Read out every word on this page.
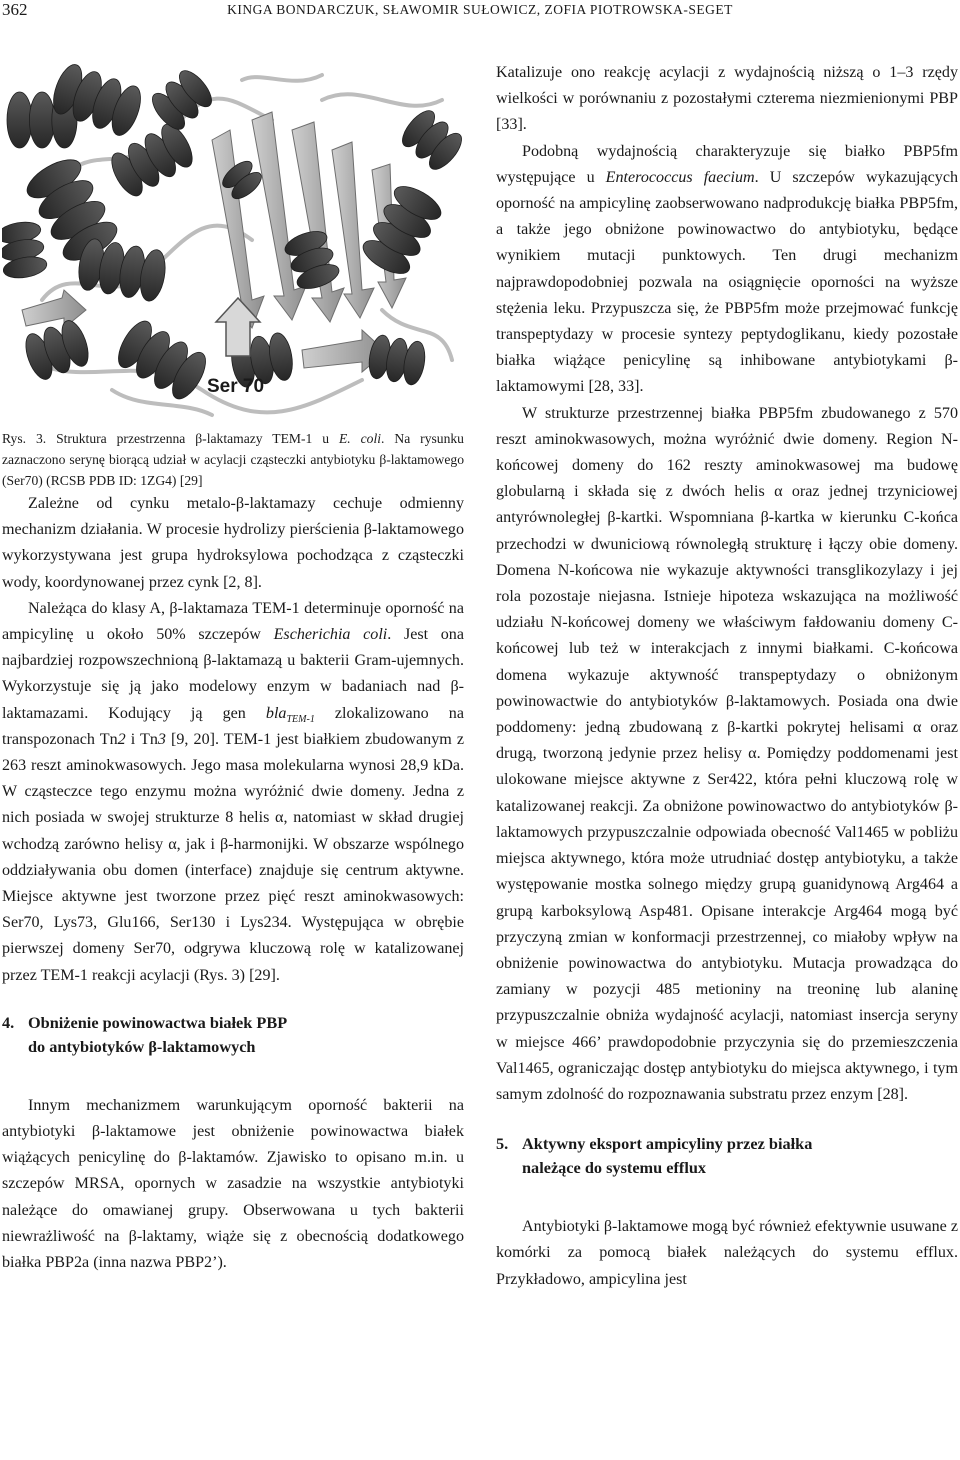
362	KINGA BONDARCZUK, SŁAWOMIR SUŁOWICZ, ZOFIA PIOTROWSKA-SEGET
Ser 70

Rys. 3. Struktura przestrzenna β-laktamazy TEM-1 u E. coli. Na rysunku zaznaczono serynę biorącą udział w acylacji cząsteczki antybiotyku β-laktamowego (Ser70) (RCSB PDB ID: 1ZG4) [29]

Zależne od cynku metalo-β-laktamazy cechuje odmienny mechanizm działania. W procesie hydrolizy pierścienia β-laktamowego wykorzystywana jest grupa hydroksylowa pochodząca z cząsteczki wody, koordynowanej przez cynk [2, 8].

Należąca do klasy A, β-laktamaza TEM-1 determinuje oporność na ampicylinę u około 50% szczepów Escherichia coli. Jest ona najbardziej rozpowszechnioną β-laktamazą u bakterii Gram-ujemnych. Wykorzystuje się ją jako modelowy enzym w badaniach nad β-laktamazami. Kodujący ją gen bla$_{TEM-1}$ zlokalizowano na transpozonach Tn2 i Tn3 [9, 20]. TEM-1 jest białkiem zbudowanym z 263 reszt aminokwasowych. Jego masa molekularna wynosi 28,9 kDa. W cząsteczce tego enzymu można wyróżnić dwie domeny. Jedna z nich posiada w swojej strukturze 8 helis α, natomiast w skład drugiej wchodzą zarówno helisy α, jak i β-harmonijki. W obszarze wspólnego oddziaływania obu domen (interface) znajduje się centrum aktywne. Miejsce aktywne jest tworzone przez pięć reszt aminokwasowych: Ser70, Lys73, Glu166, Ser130 i Lys234. Występująca w obrębie pierwszej domeny Ser70, odgrywa kluczową rolę w katalizowanej przez TEM-1 reakcji acylacji (Rys. 3) [29].

4. Obniżenie powinowactwa białek PBP
do antybiotyków β-laktamowych

Innym mechanizmem warunkującym oporność bakterii na antybiotyki β-laktamowe jest obniżenie powinowactwa białek wiążących penicylinę do β-laktamów. Zjawisko to opisano m.in. u szczepów MRSA, opornych w zasadzie na wszystkie antybiotyki należące do omawianej grupy. Obserwowana u tych bakterii niewrażliwość na β-laktamy, wiąże się z obecnością dodatkowego białka PBP2a (inna nazwa PBP2’).

Katalizuje ono reakcję acylacji z wydajnością niższą o 1–3 rzędy wielkości w porównaniu z pozostałymi czterema niezmienionymi PBP [33].

Podobną wydajnością charakteryzuje się białko PBP5fm występujące u Enterococcus faecium. U szczepów wykazujących oporność na ampicylinę zaobserwowano nadprodukcję białka PBP5fm, a także jego obniżone powinowactwo do antybiotyku, będące wynikiem mutacji punktowych. Ten drugi mechanizm najprawdopodobniej pozwala na osiągnięcie oporności na wyższe stężenia leku. Przypuszcza się, że PBP5fm może przejmować funkcję transpeptydazy w procesie syntezy peptydoglikanu, kiedy pozostałe białka wiążące penicylinę są inhibowane antybiotykami β-laktamowymi [28, 33].

W strukturze przestrzennej białka PBP5fm zbudowanego z 570 reszt aminokwasowych, można wyróżnić dwie domeny. Region N-końcowej domeny do 162 reszty aminokwasowej ma budowę globularną i składa się z dwóch helis α oraz jednej trzyniciowej antyrównoległej β-kartki. Wspomniana β-kartka w kierunku C-końca przechodzi w dwuniciową równoległą strukturę i łączy obie domeny. Domena N-końcowa nie wykazuje aktywności transglikozylazy i jej rola pozostaje niejasna. Istnieje hipoteza wskazująca na możliwość udziału N-końcowej domeny we właściwym fałdowaniu domeny C-końcowej lub też w interakcjach z innymi białkami. C-końcowa domena wykazuje aktywność transpeptydazy o obniżonym powinowactwie do antybiotyków β-laktamowych. Posiada ona dwie poddomeny: jedną zbudowaną z β-kartki pokrytej helisami α oraz drugą, tworzoną jedynie przez helisy α. Pomiędzy poddomenami jest ulokowane miejsce aktywne z Ser422, która pełni kluczową rolę w katalizowanej reakcji. Za obniżone powinowactwo do antybiotyków β-laktamowych przypuszczalnie odpowiada obecność Val1465 w pobliżu miejsca aktywnego, która może utrudniać dostęp antybiotyku, a także występowanie mostka solnego między grupą guanidynową Arg464 a grupą karboksylową Asp481. Opisane interakcje Arg464 mogą być przyczyną zmian w konformacji przestrzennej, co miałoby wpływ na obniżenie powinowactwa do antybiotyku. Mutacja prowadząca do zamiany w pozycji 485 metioniny na treoninę lub alaninę przypuszczalnie obniża wydajność acylacji, natomiast insercja seryny w miejsce 466’ prawdopodobnie przyczynia się do przemieszczenia Val1465, ograniczając dostęp antybiotyku do miejsca aktywnego, i tym samym zdolność do rozpoznawania substratu przez enzym [28].

5. Aktywny eksport ampicyliny przez białka
należące do systemu efflux

Antybiotyki β-laktamowe mogą być również efektywnie usuwane z komórki za pomocą białek należących do systemu efflux. Przykładowo, ampicylina jest
